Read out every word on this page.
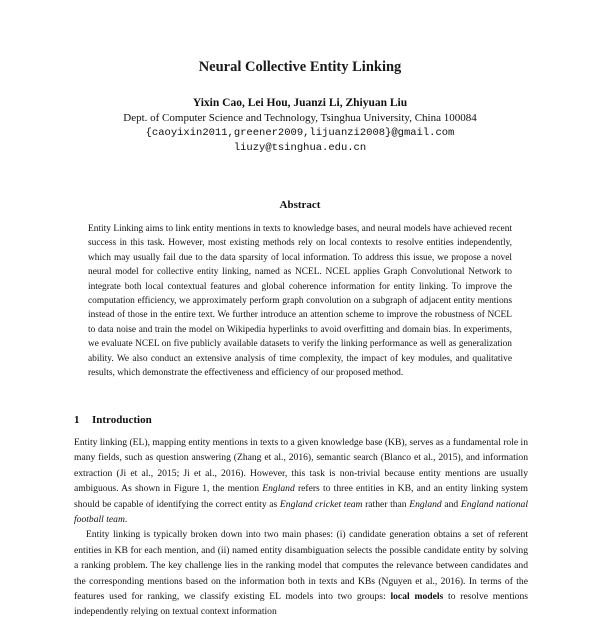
Neural Collective Entity Linking
Yixin Cao, Lei Hou, Juanzi Li, Zhiyuan Liu
Dept. of Computer Science and Technology, Tsinghua University, China 100084
{caoyixin2011,greener2009,lijuanzi2008}@gmail.com
liuzy@tsinghua.edu.cn
Abstract

Entity Linking aims to link entity mentions in texts to knowledge bases, and neural models have achieved recent success in this task. However, most existing methods rely on local contexts to resolve entities independently, which may usually fail due to the data sparsity of local information. To address this issue, we propose a novel neural model for collective entity linking, named as NCEL. NCEL applies Graph Convolutional Network to integrate both local contextual features and global coherence information for entity linking. To improve the computation efficiency, we approximately perform graph convolution on a subgraph of adjacent entity mentions instead of those in the entire text. We further introduce an attention scheme to improve the robustness of NCEL to data noise and train the model on Wikipedia hyperlinks to avoid overfitting and domain bias. In experiments, we evaluate NCEL on five publicly available datasets to verify the linking performance as well as generalization ability. We also conduct an extensive analysis of time complexity, the impact of key modules, and qualitative results, which demonstrate the effectiveness and efficiency of our proposed method.

1 Introduction

Entity linking (EL), mapping entity mentions in texts to a given knowledge base (KB), serves as a fundamental role in many fields, such as question answering (Zhang et al., 2016), semantic search (Blanco et al., 2015), and information extraction (Ji et al., 2015; Ji et al., 2016). However, this task is non-trivial because entity mentions are usually ambiguous. As shown in Figure 1, the mention England refers to three entities in KB, and an entity linking system should be capable of identifying the correct entity as England cricket team rather than England and England national football team.

Entity linking is typically broken down into two main phases: (i) candidate generation obtains a set of referent entities in KB for each mention, and (ii) named entity disambiguation selects the possible candidate entity by solving a ranking problem. The key challenge lies in the ranking model that computes the relevance between candidates and the corresponding mentions based on the information both in texts and KBs (Nguyen et al., 2016). In terms of the features used for ranking, we classify existing EL models into two groups: local models to resolve mentions independently relying on textual context information
